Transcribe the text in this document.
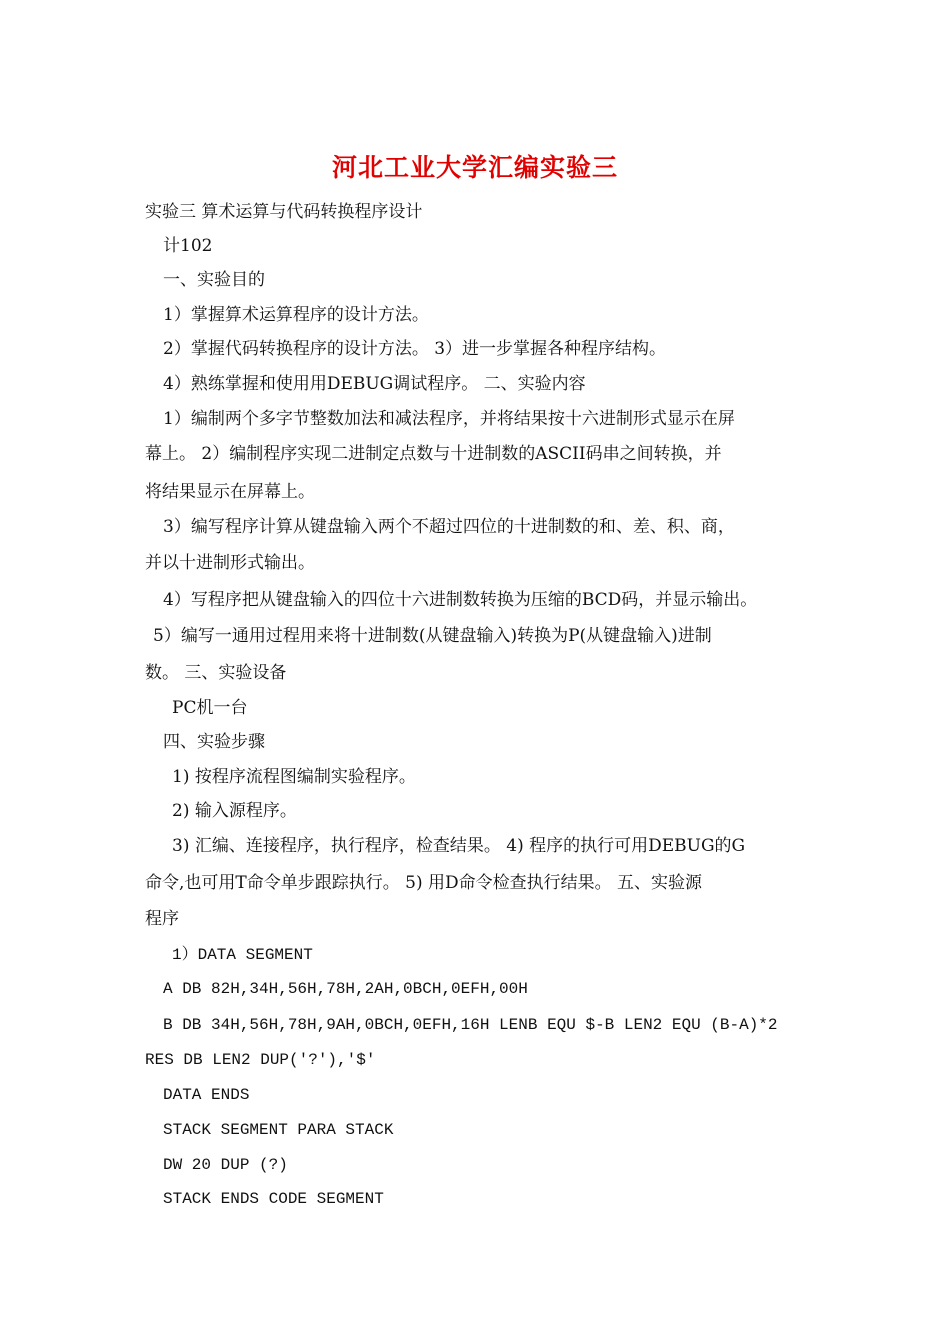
河北工业大学汇编实验三
实验三 算术运算与代码转换程序设计
计102
一、实验目的
1）掌握算术运算程序的设计方法。
2）掌握代码转换程序的设计方法。 3）进一步掌握各种程序结构。
4）熟练掌握和使用用DEBUG调试程序。 二、实验内容
1）编制两个多字节整数加法和减法程序，并将结果按十六进制形式显示在屏
幕上。 2）编制程序实现二进制定点数与十进制数的ASCII码串之间转换，并
将结果显示在屏幕上。
3）编写程序计算从键盘输入两个不超过四位的十进制数的和、差、积、商，
并以十进制形式输出。
4）写程序把从键盘输入的四位十六进制数转换为压缩的BCD码，并显示输出。
5）编写一通用过程用来将十进制数(从键盘输入)转换为P(从键盘输入)进制
数。 三、实验设备
PC机一台
四、实验步骤
1) 按程序流程图编制实验程序。
2) 输入源程序。
3) 汇编、连接程序，执行程序，检查结果。 4) 程序的执行可用DEBUG的G
命令,也可用T命令单步跟踪执行。 5) 用D命令检查执行结果。 五、实验源
程序
1）DATA SEGMENT
A DB 82H,34H,56H,78H,2AH,0BCH,0EFH,00H
B DB 34H,56H,78H,9AH,0BCH,0EFH,16H LENB EQU $-B LEN2 EQU (B-A)*2
RES DB LEN2 DUP('?'),'$'
DATA ENDS
STACK SEGMENT PARA STACK
DW 20 DUP (?)
STACK ENDS CODE SEGMENT
